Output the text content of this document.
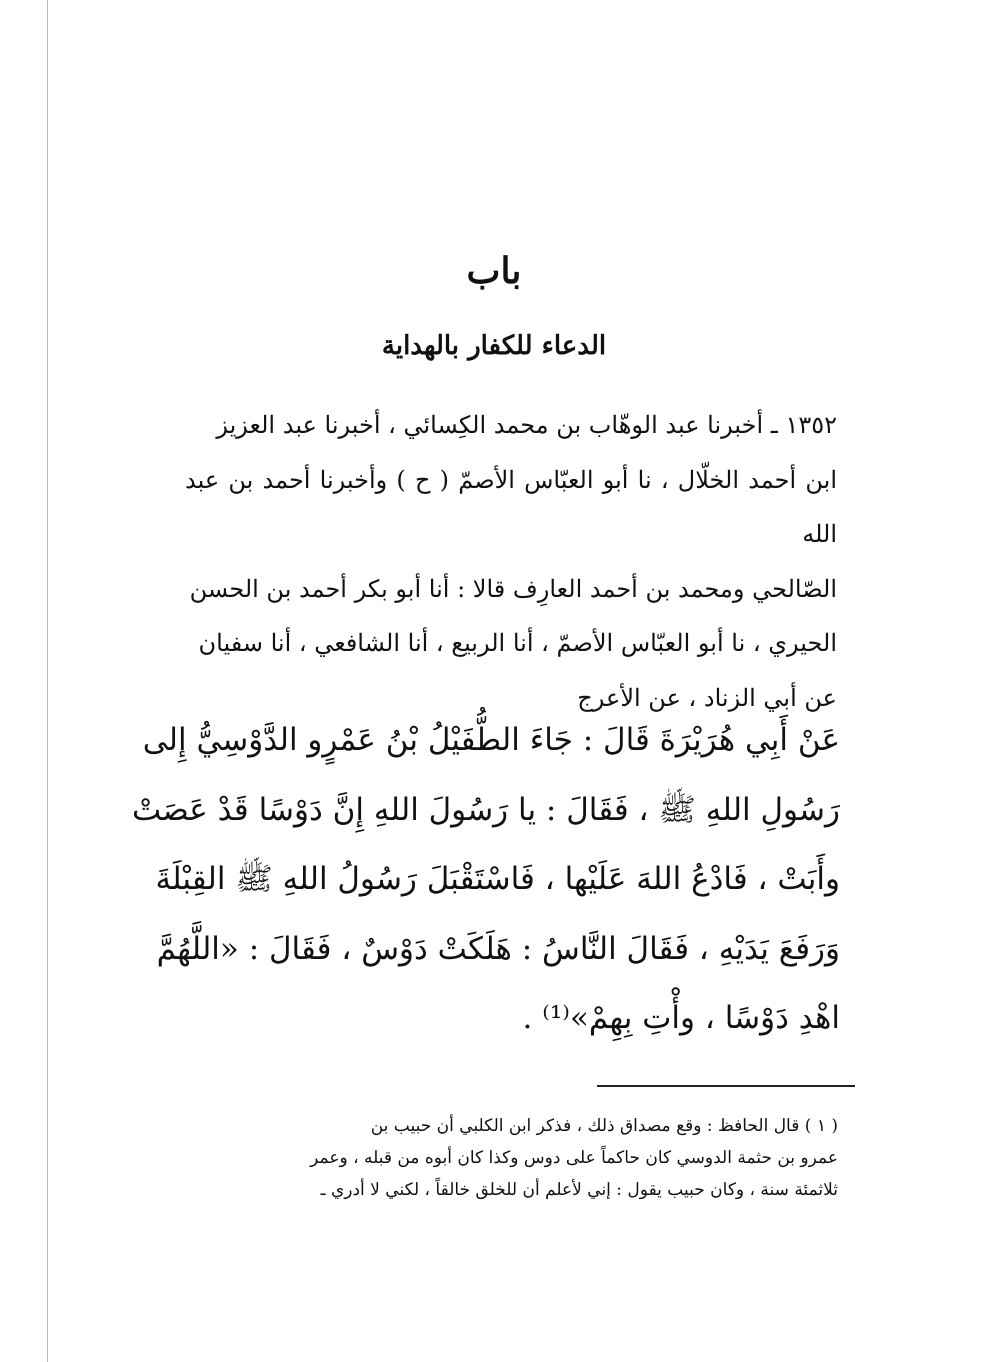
باب
الدعاء للكفار بالهداية

١٣٥٢ ـ أخبرنا عبد الوهّاب بن محمد الكِسائي ، أخبرنا عبد العزيز
ابن أحمد الخلّال ، نا أبو العبّاس الأصمّ ( ح ) وأخبرنا أحمد بن عبد الله
الصّالحي ومحمد بن أحمد العارِف قالا : أنا أبو بكر أحمد بن الحسن
الحيري ، نا أبو العبّاس الأصمّ ، أنا الربيع ، أنا الشافعي ، أنا سفيان
عن أبي الزناد ، عن الأعرج

عَنْ أَبِي هُرَيْرَةَ قَالَ : جَاءَ الطُّفَيْلُ بْنُ عَمْرٍو الدَّوْسِيُّ إِلى
رَسُولِ اللهِ ﷺ ، فَقَالَ : يا رَسُولَ اللهِ إِنَّ دَوْسًا قَدْ عَصَتْ
وأَبَتْ ، فَادْعُ اللهَ عَلَيْها ، فَاسْتَقْبَلَ رَسُولُ اللهِ ﷺ القِبْلَةَ
وَرَفَعَ يَدَيْهِ ، فَقَالَ النَّاسُ : هَلَكَتْ دَوْسٌ ، فَقَالَ : «اللَّهُمَّ
اهْدِ دَوْسًا ، وأْتِ بِهِمْ»⁽¹⁾ .

( ١ ) قال الحافظ : وقع مصداق ذلك ، فذكر ابن الكلبي أن حبيب بن
عمرو بن حثمة الدوسي كان حاكماً على دوس وكذا كان أبوه من قبله ، وعمر
ثلاثمئة سنة ، وكان حبيب يقول : إني لأعلم أن للخلق خالقاً ، لكني لا أدري ـ
